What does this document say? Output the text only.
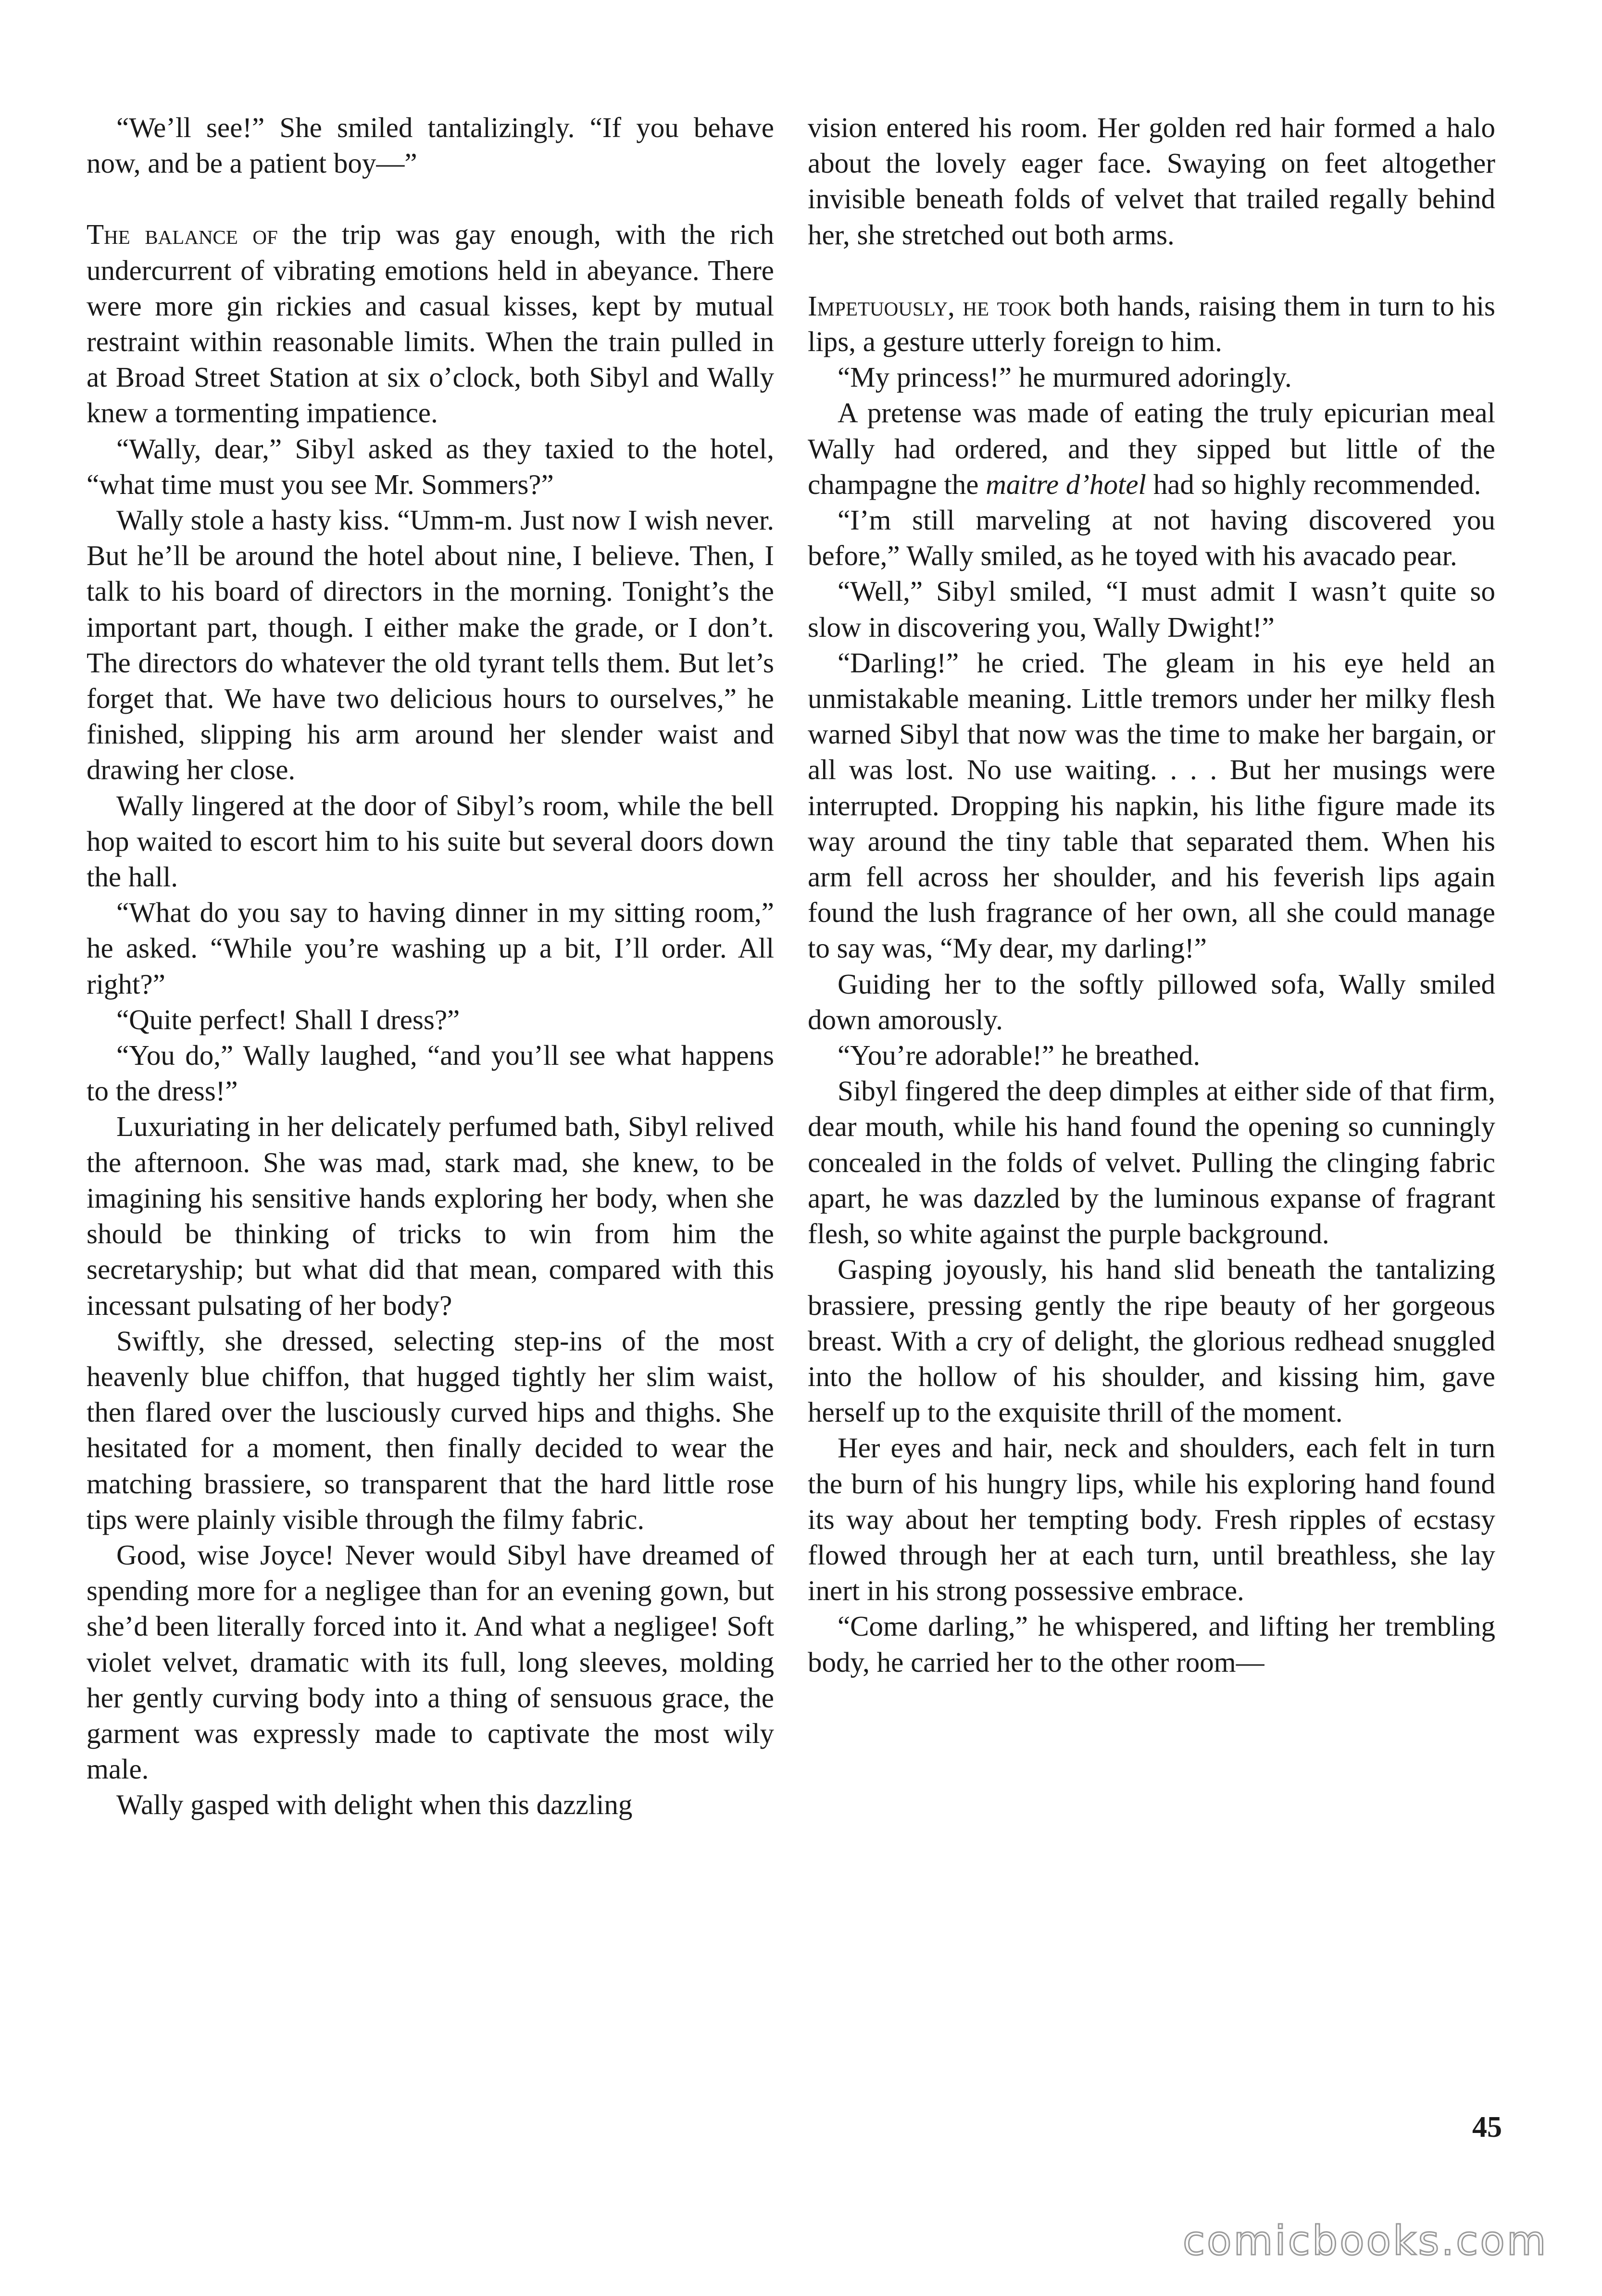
“We’ll see!” She smiled tantalizingly. “If you behave now, and be a patient boy—”

The balance of the trip was gay enough, with the rich undercurrent of vibrating emotions held in abeyance. There were more gin rickies and casual kisses, kept by mutual restraint within reasonable limits. When the train pulled in at Broad Street Station at six o’clock, both Sibyl and Wally knew a tormenting impatience.

“Wally, dear,” Sibyl asked as they taxied to the hotel, “what time must you see Mr. Sommers?”

Wally stole a hasty kiss. “Umm-m. Just now I wish never. But he’ll be around the hotel about nine, I believe. Then, I talk to his board of directors in the morning. Tonight’s the important part, though. I either make the grade, or I don’t. The directors do whatever the old tyrant tells them. But let’s forget that. We have two delicious hours to ourselves,” he finished, slipping his arm around her slender waist and drawing her close.

Wally lingered at the door of Sibyl’s room, while the bell hop waited to escort him to his suite but several doors down the hall.

“What do you say to having dinner in my sitting room,” he asked. “While you’re washing up a bit, I’ll order. All right?”

“Quite perfect! Shall I dress?”

“You do,” Wally laughed, “and you’ll see what happens to the dress!”

Luxuriating in her delicately perfumed bath, Sibyl relived the afternoon. She was mad, stark mad, she knew, to be imagining his sensitive hands exploring her body, when she should be thinking of tricks to win from him the secretaryship; but what did that mean, compared with this incessant pulsating of her body?

Swiftly, she dressed, selecting step-ins of the most heavenly blue chiffon, that hugged tightly her slim waist, then flared over the lusciously curved hips and thighs. She hesitated for a moment, then finally decided to wear the matching brassiere, so transparent that the hard little rose tips were plainly visible through the filmy fabric.

Good, wise Joyce! Never would Sibyl have dreamed of spending more for a negligee than for an evening gown, but she’d been literally forced into it. And what a negligee! Soft violet velvet, dramatic with its full, long sleeves, molding her gently curving body into a thing of sensuous grace, the garment was expressly made to captivate the most wily male.

Wally gasped with delight when this dazzling

vision entered his room. Her golden red hair formed a halo about the lovely eager face. Swaying on feet altogether invisible beneath folds of velvet that trailed regally behind her, she stretched out both arms.

Impetuously, he took both hands, raising them in turn to his lips, a gesture utterly foreign to him.

“My princess!” he murmured adoringly.

A pretense was made of eating the truly epicurian meal Wally had ordered, and they sipped but little of the champagne the maitre d’hotel had so highly recommended.

“I’m still marveling at not having discovered you before,” Wally smiled, as he toyed with his avacado pear.

“Well,” Sibyl smiled, “I must admit I wasn’t quite so slow in discovering you, Wally Dwight!”

“Darling!” he cried. The gleam in his eye held an unmistakable meaning. Little tremors under her milky flesh warned Sibyl that now was the time to make her bargain, or all was lost. No use waiting. . . . But her musings were interrupted. Dropping his napkin, his lithe figure made its way around the tiny table that separated them. When his arm fell across her shoulder, and his feverish lips again found the lush fragrance of her own, all she could manage to say was, “My dear, my darling!”

Guiding her to the softly pillowed sofa, Wally smiled down amorously.

“You’re adorable!” he breathed.

Sibyl fingered the deep dimples at either side of that firm, dear mouth, while his hand found the opening so cunningly concealed in the folds of velvet. Pulling the clinging fabric apart, he was dazzled by the luminous expanse of fragrant flesh, so white against the purple background.

Gasping joyously, his hand slid beneath the tantalizing brassiere, pressing gently the ripe beauty of her gorgeous breast. With a cry of delight, the glorious redhead snuggled into the hollow of his shoulder, and kissing him, gave herself up to the exquisite thrill of the moment.

Her eyes and hair, neck and shoulders, each felt in turn the burn of his hungry lips, while his exploring hand found its way about her tempting body. Fresh ripples of ecstasy flowed through her at each turn, until breathless, she lay inert in his strong possessive embrace.

“Come darling,” he whispered, and lifting her trembling body, he carried her to the other room—

45
comicbooks.com
